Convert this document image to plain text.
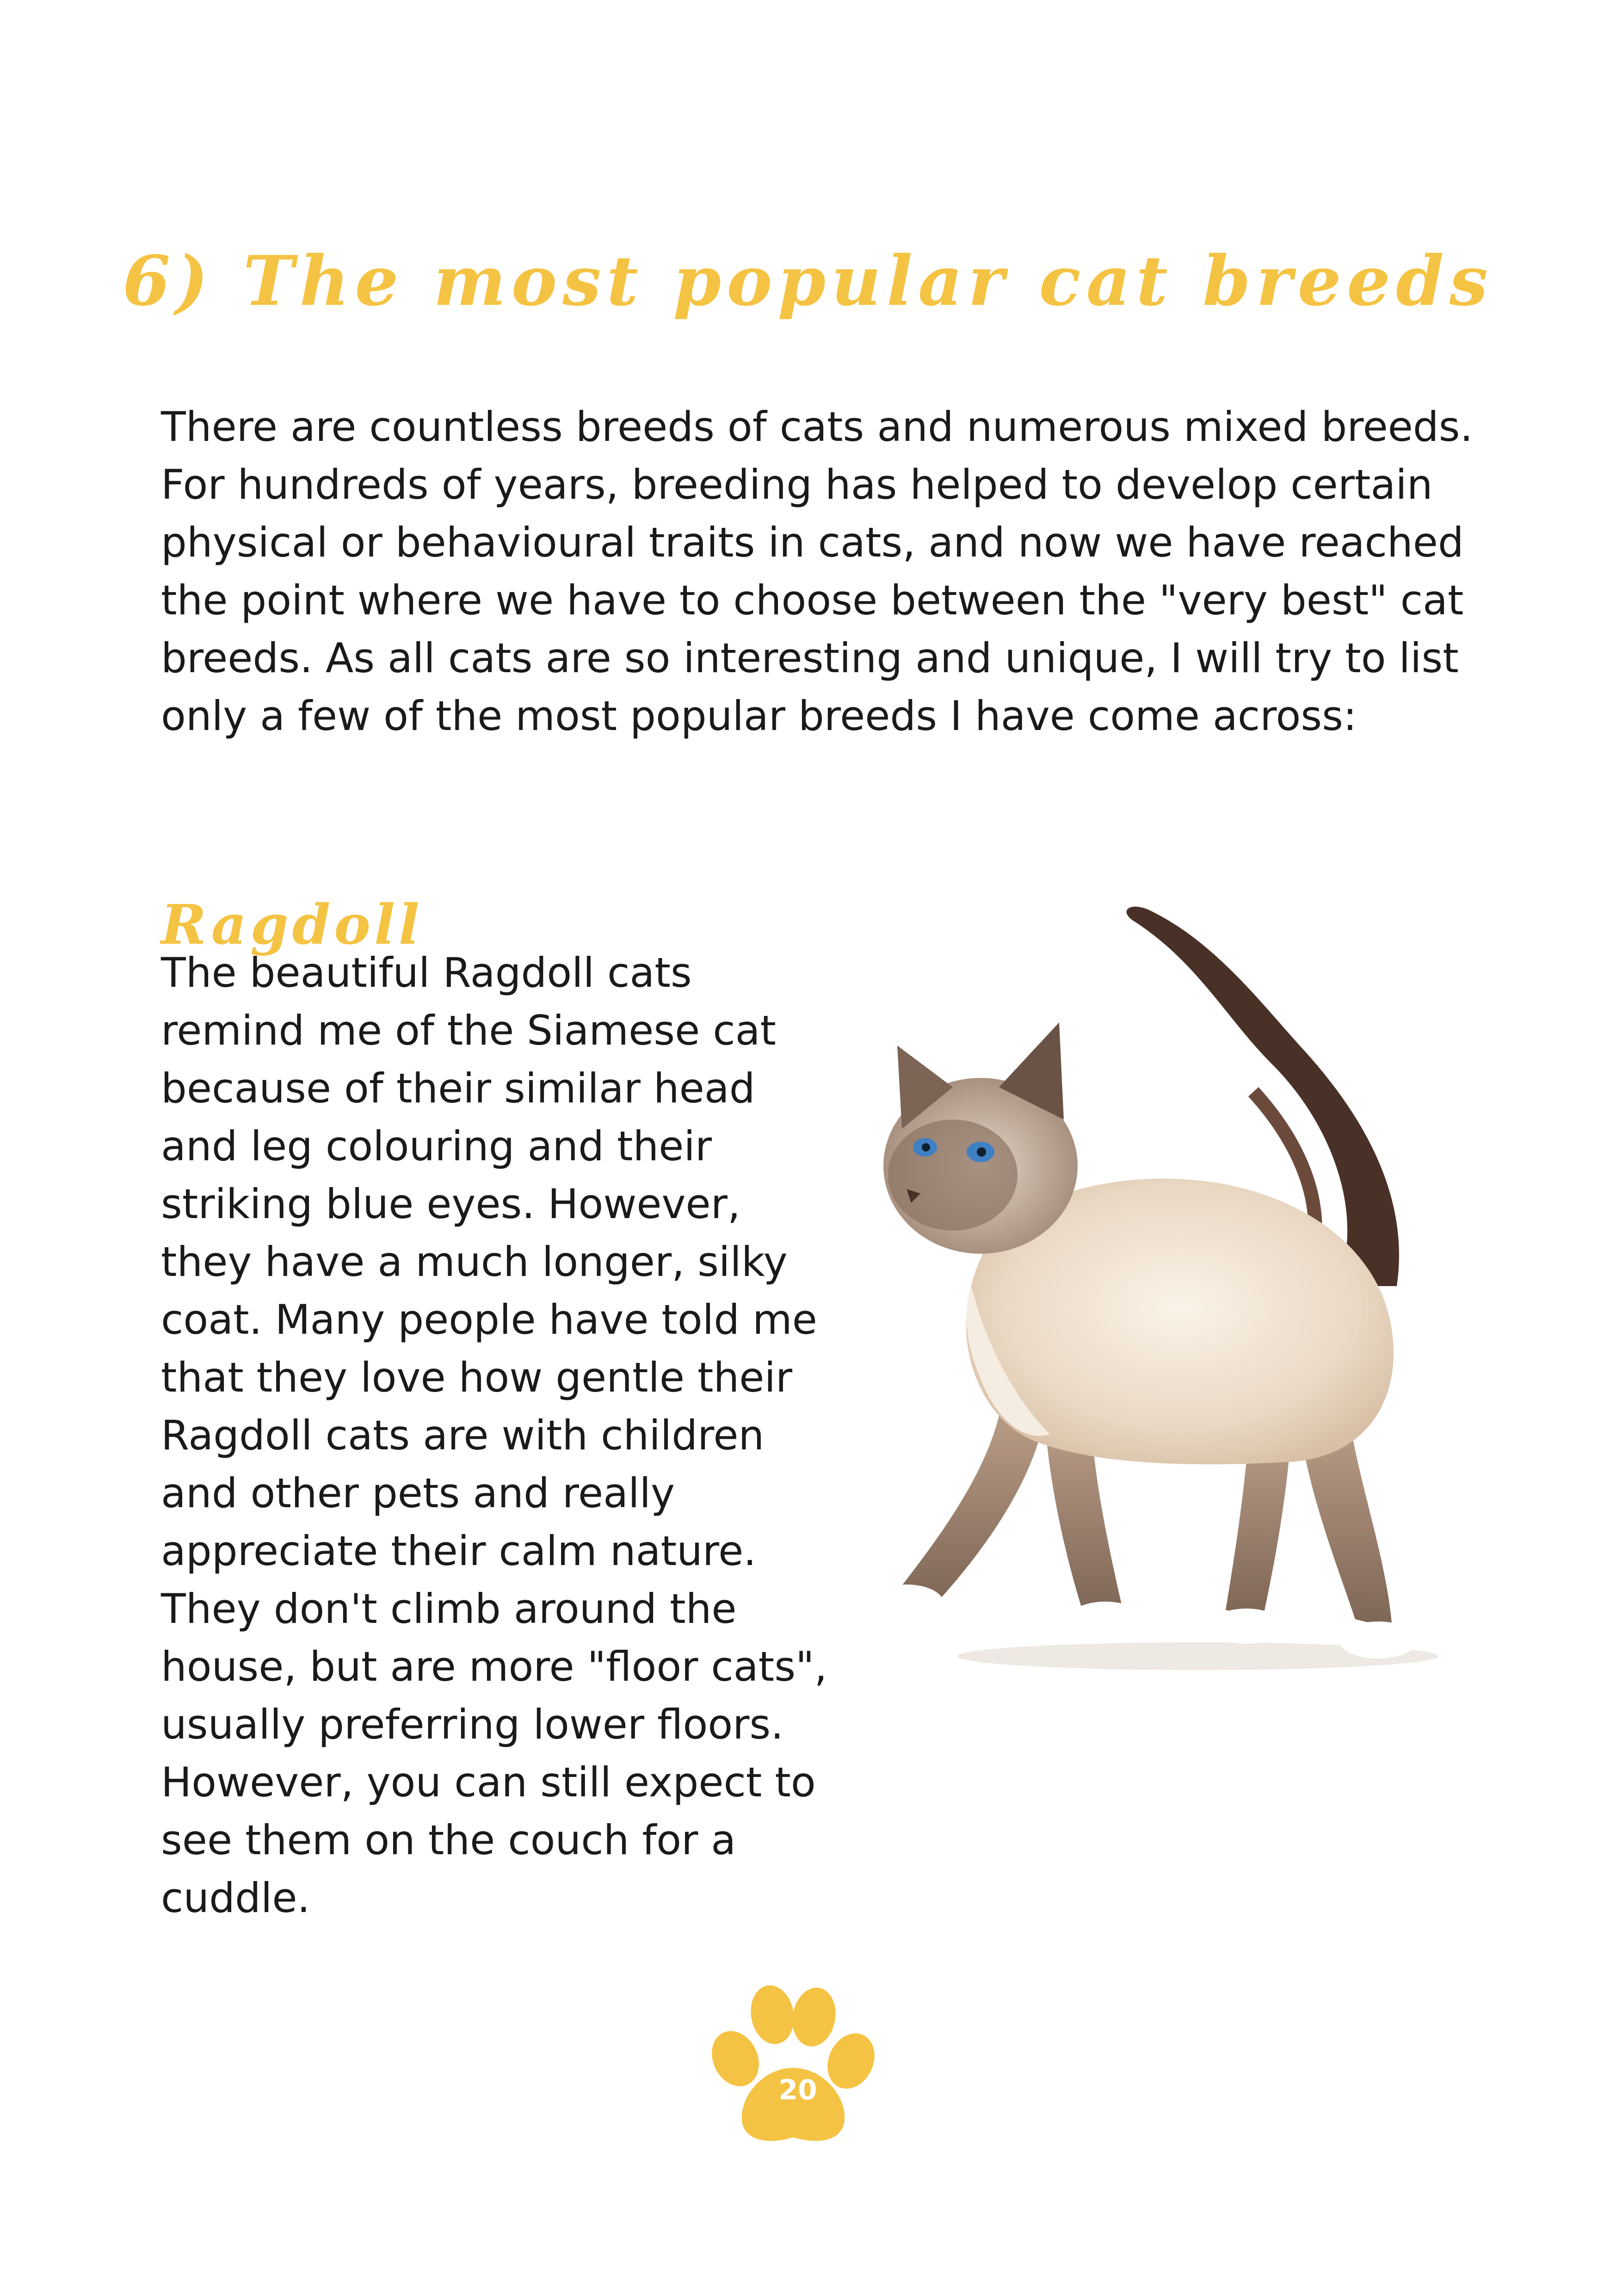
6) The most popular cat breeds

There are countless breeds of cats and numerous mixed breeds. For hundreds of years, breeding has helped to develop certain physical or behavioural traits in cats, and now we have reached the point where we have to choose between the "very best" cat breeds. As all cats are so interesting and unique, I will try to list only a few of the most popular breeds I have come across:

Ragdoll

The beautiful Ragdoll cats remind me of the Siamese cat because of their similar head and leg colouring and their striking blue eyes. However, they have a much longer, silky coat. Many people have told me that they love how gentle their Ragdoll cats are with children and other pets and really appreciate their calm nature. They don't climb around the house, but are more "floor cats", usually preferring lower floors. However, you can still expect to see them on the couch for a cuddle.

20
